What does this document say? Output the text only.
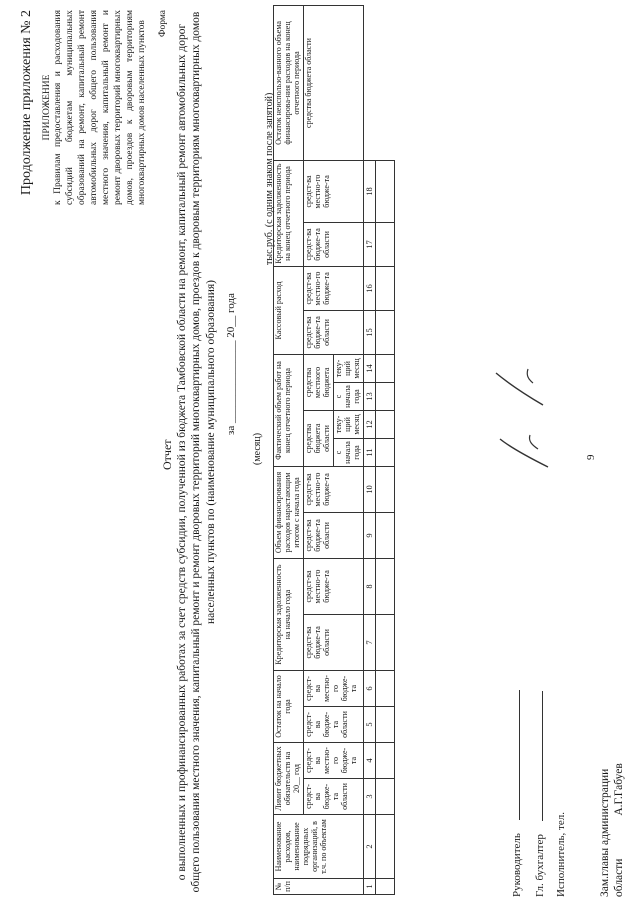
9
Продолжение приложения № 2 ПРИЛОЖЕНИЕ к Правилам предоставления и расходования субсидий бюджетам муниципальных образований на ремонт, капитальный ремонт автомобильных дорог общего пользования местного значения, капитальный ремонт и ремонт дворовых территорий многоквартирных домов, проездов к дворовым территориям многоквартирных домов населенных пунктов Форма
Отчет о выполненных и профинансированных работах за счет средств субсидии, полученной из бюджета Тамбовской области на ремонт, капитальный ремонт автомобильных дорог общего пользования местного значения, капитальный ремонт и ремонт дворовых территорий многоквартирных домов, проездов к дворовым территориям многоквартирных домов населенных пунктов по (наименование муниципального образования) за _______________ 20__ года
(месяц)
тыс.руб. (с одним знаком после запятой)
№ п/п	Наименование расходов, наименование подрядных организаций, в т.ч. по объектам	Лимит бюджетных обязательств на 20__ год		Остаток на начало года		Кредиторская задолженность на начало года		Объем финансирования расходов нарастающим итогом с начала года		Фактический объем работ на конец отчетного периода				Кассовый расход		Кредиторская задолженность на конец отчетного периода		Остаток неиспользо-ванного объема финансирова-ния расходов на конец отчетного периода
		средст-ва бюдже-та области	средст-ва местно-го бюдже-та	средст-ва бюдже-та области	средст-ва местно-го бюдже-та	средст-ва бюдже-та области	средст-ва местно-го бюдже-та	средст-ва бюдже-та области	средст-ва местно-го бюдже-та	средства бюджета области		средства местного бюджета		средст-ва бюдже-та области	средст-ва местно-го бюдже-та	средст-ва бюдже-та области	средст-ва местно-го бюдже-та	средства бюджета области
										с начала года	теку-щий месяц	с начала года	теку-щий месяц					
1	2	3	4	5	6	7	8	9	10	11	12	13	14	15	16	17	18	

Руководитель Гл. бухгалтер Исполнитель, тел.	Зам.главы администрации области А.Г.Габуев
